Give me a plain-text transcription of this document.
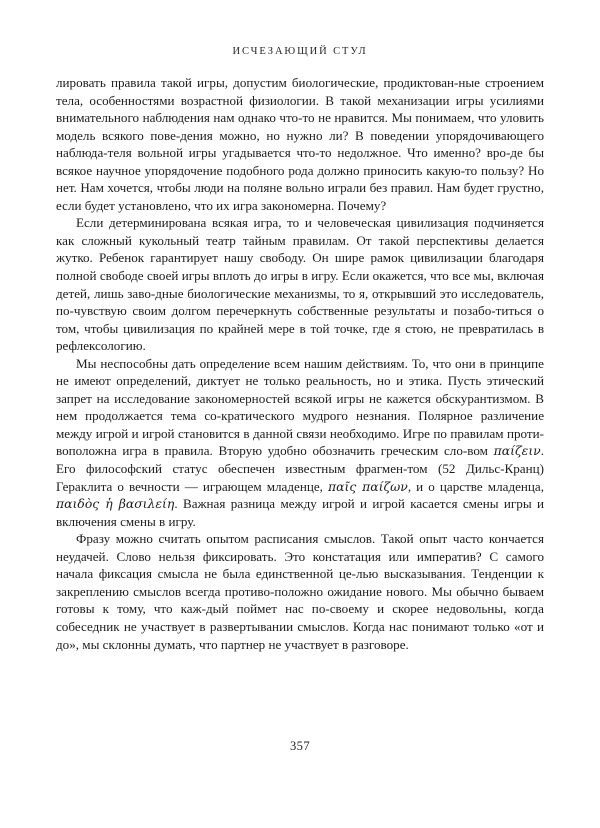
ИСЧЕЗАЮЩИЙ СТУЛ

лировать правила такой игры, допустим биологические, продиктован-ные строением тела, особенностями возрастной физиологии. В такой механизации игры усилиями внимательного наблюдения нам однако что-то не нравится. Мы понимаем, что уловить модель всякого пове-дения можно, но нужно ли? В поведении упорядочивающего наблюда-теля вольной игры угадывается что-то недолжное. Что именно? вро-де бы всякое научное упорядочение подобного рода должно приносить какую-то пользу? Но нет. Нам хочется, чтобы люди на поляне вольно играли без правил. Нам будет грустно, если будет установлено, что их игра закономерна. Почему?

Если детерминирована всякая игра, то и человеческая цивилизация подчиняется как сложный кукольный театр тайным правилам. От такой перспективы делается жутко. Ребенок гарантирует нашу свободу. Он шире рамок цивилизации благодаря полной свободе своей игры вплоть до игры в игру. Если окажется, что все мы, включая детей, лишь заво-дные биологические механизмы, то я, открывший это исследователь, по-чувствую своим долгом перечеркнуть собственные результаты и позабо-титься о том, чтобы цивилизация по крайней мере в той точке, где я стою, не превратилась в рефлексологию.

Мы неспособны дать определение всем нашим действиям. То, что они в принципе не имеют определений, диктует не только реальность, но и этика. Пусть этический запрет на исследование закономерностей всякой игры не кажется обскурантизмом. В нем продолжается тема со-кратического мудрого незнания. Полярное различение между игрой и игрой становится в данной связи необходимо. Игре по правилам проти-воположна игра в правила. Вторую удобно обозначить греческим сло-вом παίζειν. Его философский статус обеспечен известным фрагмен-том (52 Дильс-Кранц) Гераклита о вечности — играющем младенце, παῖς παίζων, и о царстве младенца, παιδὸς ἡ βασιλείη. Важная разница между игрой и игрой касается смены игры и включения смены в игру.

Фразу можно считать опытом расписания смыслов. Такой опыт часто кончается неудачей. Слово нельзя фиксировать. Это констатация или императив? С самого начала фиксация смысла не была единственной це-лью высказывания. Тенденции к закреплению смыслов всегда противо-положно ожидание нового. Мы обычно бываем готовы к тому, что каж-дый поймет нас по-своему и скорее недовольны, когда собеседник не участвует в развертывании смыслов. Когда нас понимают только «от и до», мы склонны думать, что партнер не участвует в разговоре.

357
